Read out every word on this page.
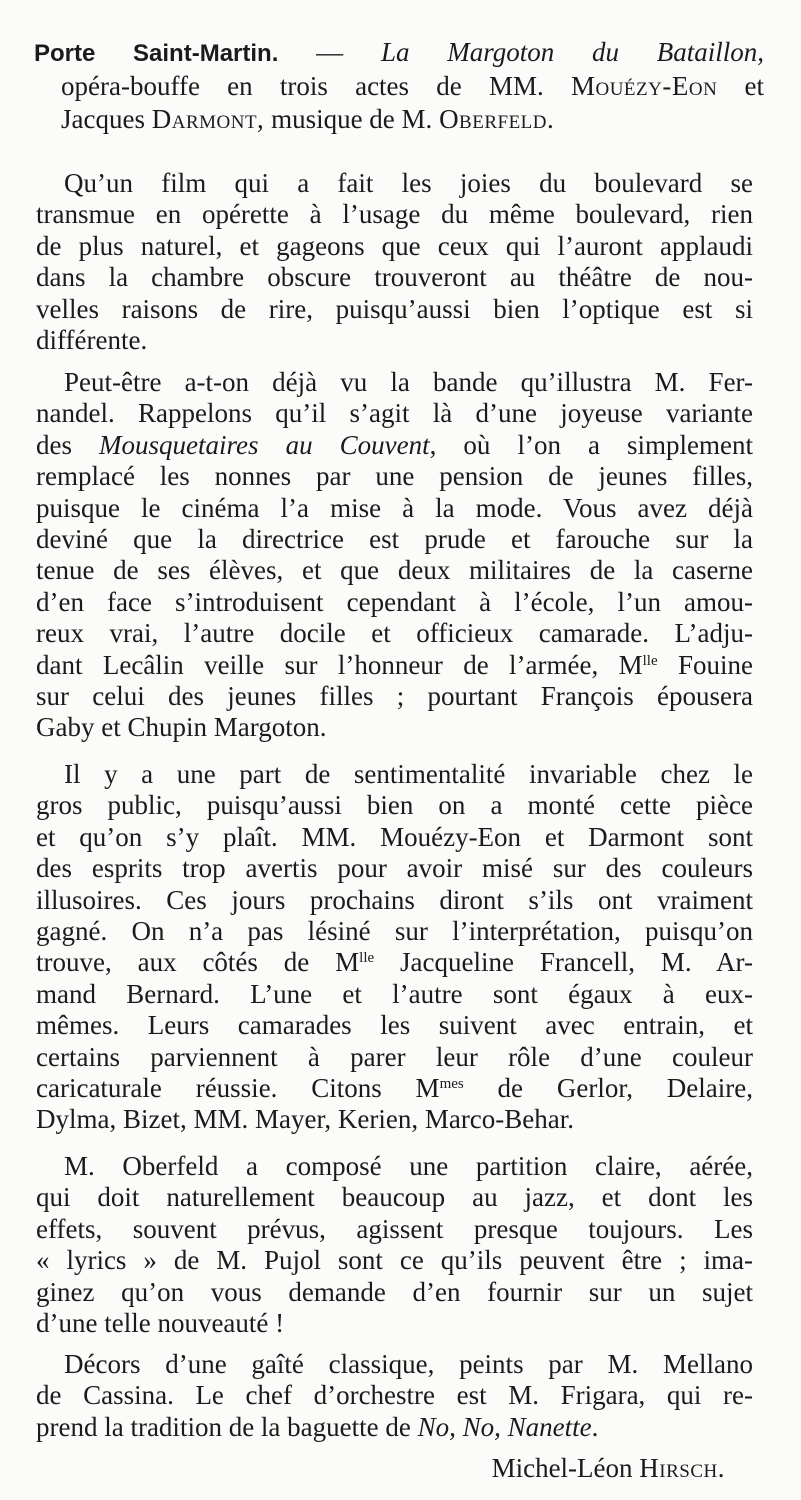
Porte Saint-Martin. — La Margoton du Bataillon,
opéra-bouffe en trois actes de MM. Mouézy-Eon et
Jacques Darmont, musique de M. Oberfeld.
Qu’un film qui a fait les joies du boulevard se
transmue en opérette à l’usage du même boulevard, rien
de plus naturel, et gageons que ceux qui l’auront applaudi
dans la chambre obscure trouveront au théâtre de nou-
velles raisons de rire, puisqu’aussi bien l’optique est si
différente.
Peut-être a-t-on déjà vu la bande qu’illustra M. Fer-
nandel. Rappelons qu’il s’agit là d’une joyeuse variante
des Mousquetaires au Couvent, où l’on a simplement
remplacé les nonnes par une pension de jeunes filles,
puisque le cinéma l’a mise à la mode. Vous avez déjà
deviné que la directrice est prude et farouche sur la
tenue de ses élèves, et que deux militaires de la caserne
d’en face s’introduisent cependant à l’école, l’un amou-
reux vrai, l’autre docile et officieux camarade. L’adju-
dant Lecâlin veille sur l’honneur de l’armée, $M^{lle}$ Fouine
sur celui des jeunes filles ; pourtant François épousera
Gaby et Chupin Margoton.
Il y a une part de sentimentalité invariable chez le
gros public, puisqu’aussi bien on a monté cette pièce
et qu’on s’y plaît. MM. Mouézy-Eon et Darmont sont
des esprits trop avertis pour avoir misé sur des couleurs
illusoires. Ces jours prochains diront s’ils ont vraiment
gagné. On n’a pas lésiné sur l’interprétation, puisqu’on
trouve, aux côtés de $M^{lle}$ Jacqueline Francell, M. Ar-
mand Bernard. L’une et l’autre sont égaux à eux-
mêmes. Leurs camarades les suivent avec entrain, et
certains parviennent à parer leur rôle d’une couleur
caricaturale réussie. Citons $M^{mes}$ de Gerlor, Delaire,
Dylma, Bizet, MM. Mayer, Kerien, Marco-Behar.
M. Oberfeld a composé une partition claire, aérée,
qui doit naturellement beaucoup au jazz, et dont les
effets, souvent prévus, agissent presque toujours. Les
« lyrics » de M. Pujol sont ce qu’ils peuvent être ; ima-
ginez qu’on vous demande d’en fournir sur un sujet
d’une telle nouveauté !
Décors d’une gaîté classique, peints par M. Mellano
de Cassina. Le chef d’orchestre est M. Frigara, qui re-
prend la tradition de la baguette de No, No, Nanette.
Michel-Léon Hirsch.
